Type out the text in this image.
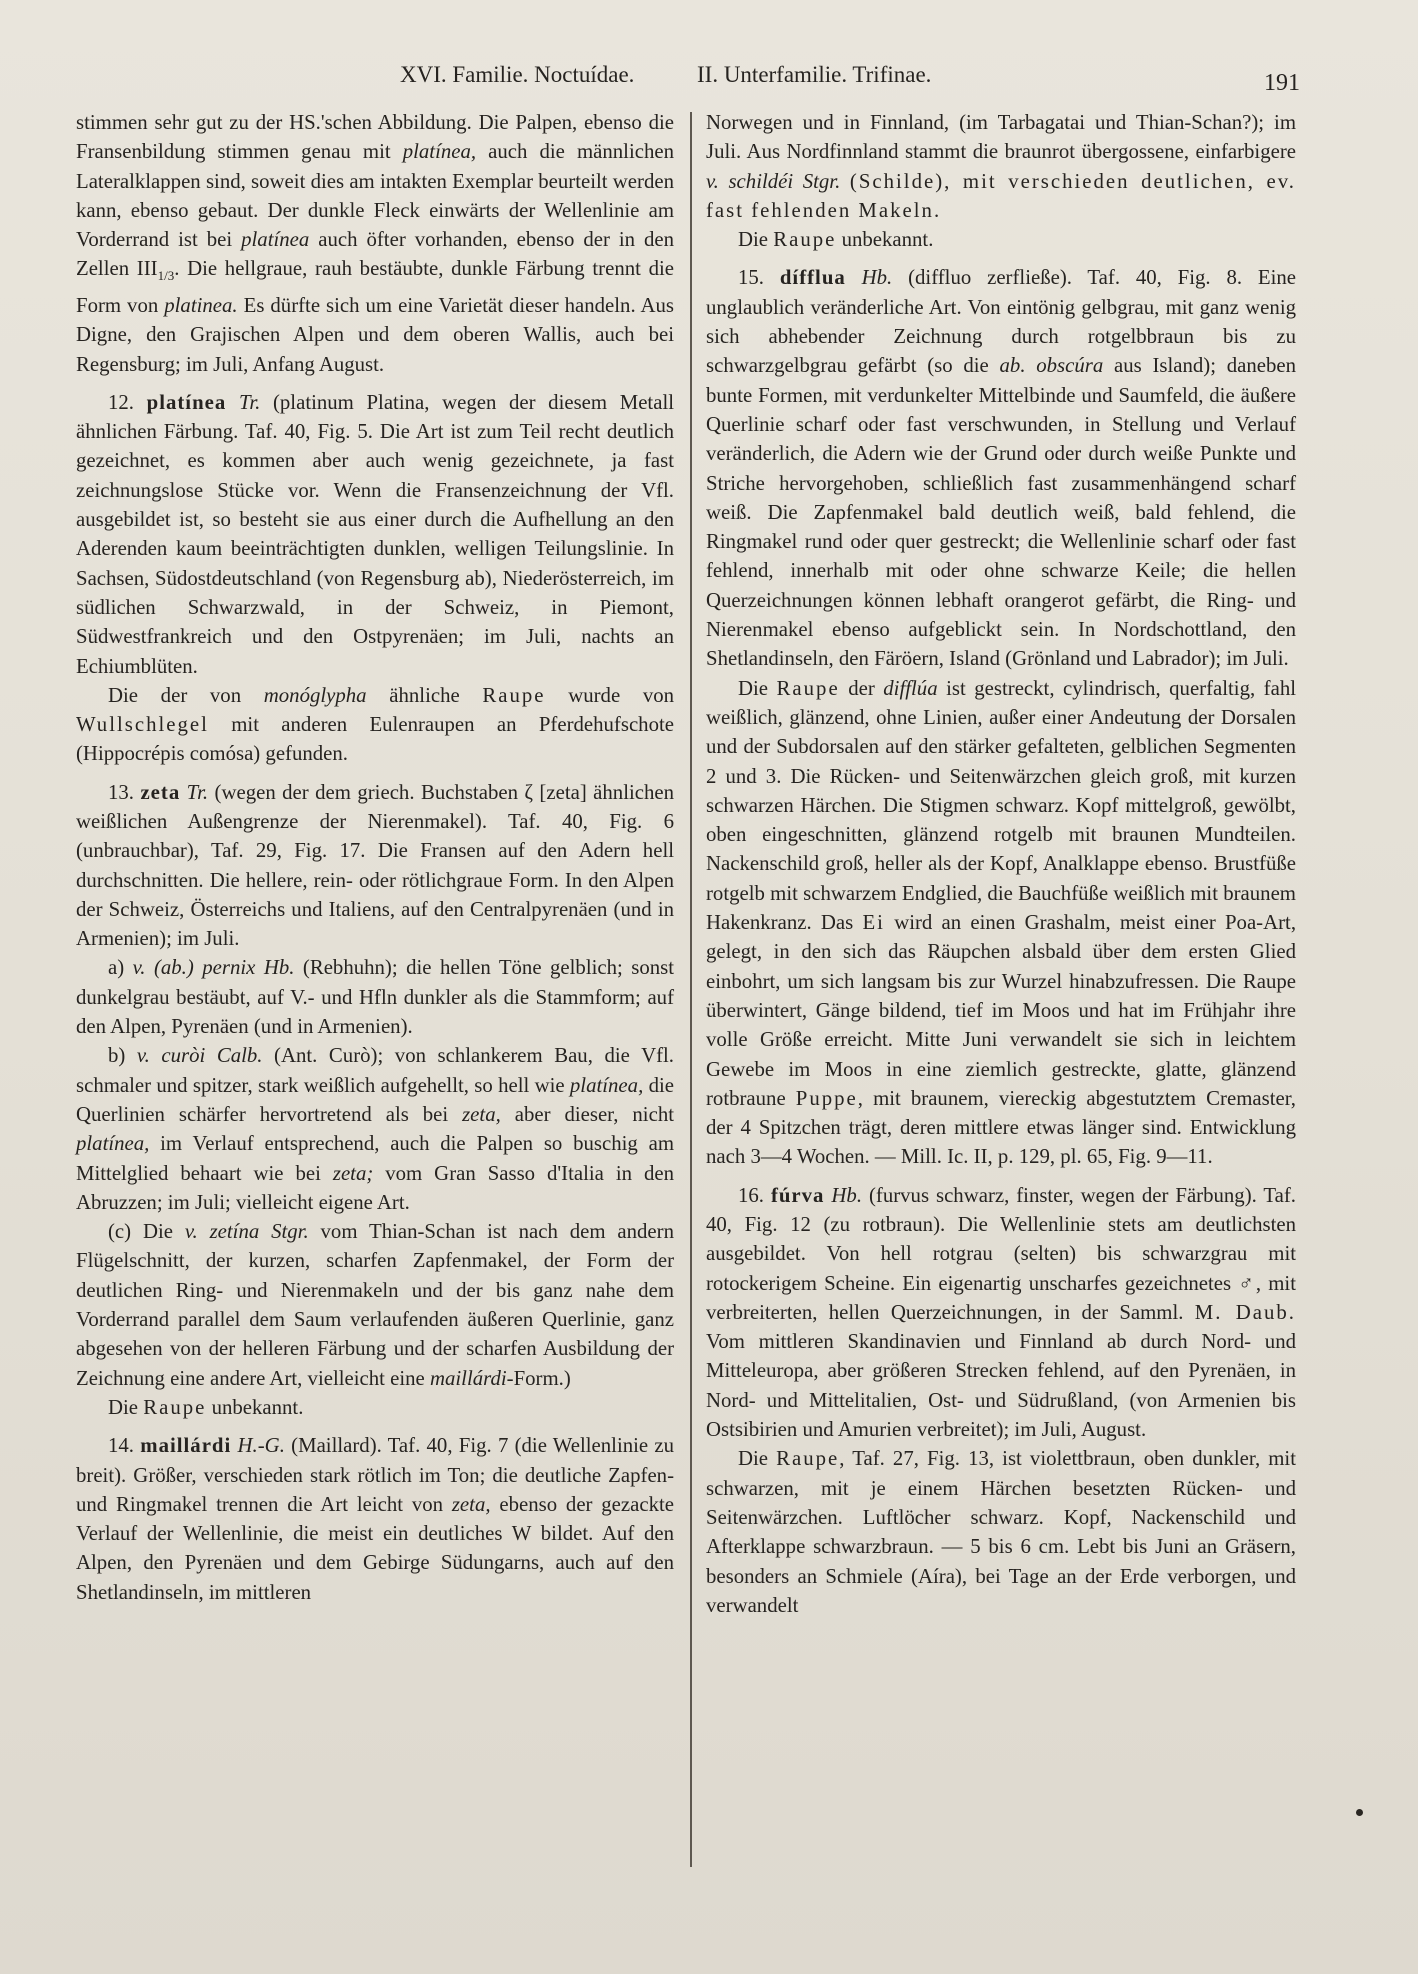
XVI. Familie. Noctuídae.	II. Unterfamilie. Trifinae.	191

stimmen sehr gut zu der HS.'schen Abbildung. Die Palpen, ebenso die Fransenbildung stimmen genau mit platínea, auch die männlichen Lateralklappen sind, soweit dies am intakten Exemplar beurteilt werden kann, ebenso gebaut. Der dunkle Fleck einwärts der Wellenlinie am Vorderrand ist bei platínea auch öfter vorhanden, ebenso der in den Zellen $III_{1/3}$. Die hellgraue, rauh bestäubte, dunkle Färbung trennt die Form von platinea. Es dürfte sich um eine Varietät dieser handeln. Aus Digne, den Grajischen Alpen und dem oberen Wallis, auch bei Regensburg; im Juli, Anfang August.

12. platínea Tr. (platinum Platina, wegen der diesem Metall ähnlichen Färbung. Taf. 40, Fig. 5. Die Art ist zum Teil recht deutlich gezeichnet, es kommen aber auch wenig gezeichnete, ja fast zeichnungslose Stücke vor. Wenn die Fransenzeichnung der Vfl. ausgebildet ist, so besteht sie aus einer durch die Aufhellung an den Aderenden kaum beeinträchtigten dunklen, welligen Teilungslinie. In Sachsen, Südostdeutschland (von Regensburg ab), Niederösterreich, im südlichen Schwarzwald, in der Schweiz, in Piemont, Südwestfrankreich und den Ostpyrenäen; im Juli, nachts an Echiumblüten.

Die der von monóglypha ähnliche Raupe wurde von Wullschlegel mit anderen Eulenraupen an Pferdehufschote (Hippocrépis comósa) gefunden.

13. zeta Tr. (wegen der dem griech. Buchstaben ζ [zeta] ähnlichen weißlichen Außengrenze der Nierenmakel). Taf. 40, Fig. 6 (unbrauchbar), Taf. 29, Fig. 17. Die Fransen auf den Adern hell durchschnitten. Die hellere, rein- oder rötlichgraue Form. In den Alpen der Schweiz, Österreichs und Italiens, auf den Centralpyrenäen (und in Armenien); im Juli.

a) v. (ab.) pernix Hb. (Rebhuhn); die hellen Töne gelblich; sonst dunkelgrau bestäubt, auf V.- und Hfln dunkler als die Stammform; auf den Alpen, Pyrenäen (und in Armenien).

b) v. curòi Calb. (Ant. Curò); von schlankerem Bau, die Vfl. schmaler und spitzer, stark weißlich aufgehellt, so hell wie platínea, die Querlinien schärfer hervortretend als bei zeta, aber dieser, nicht platínea, im Verlauf entsprechend, auch die Palpen so buschig am Mittelglied behaart wie bei zeta; vom Gran Sasso d'Italia in den Abruzzen; im Juli; vielleicht eigene Art.

(c) Die v. zetína Stgr. vom Thian-Schan ist nach dem andern Flügelschnitt, der kurzen, scharfen Zapfenmakel, der Form der deutlichen Ring- und Nierenmakeln und der bis ganz nahe dem Vorderrand parallel dem Saum verlaufenden äußeren Querlinie, ganz abgesehen von der helleren Färbung und der scharfen Ausbildung der Zeichnung eine andere Art, vielleicht eine maillárdi-Form.)

Die Raupe unbekannt.

14. maillárdi H.-G. (Maillard). Taf. 40, Fig. 7 (die Wellenlinie zu breit). Größer, verschieden stark rötlich im Ton; die deutliche Zapfen- und Ringmakel trennen die Art leicht von zeta, ebenso der gezackte Verlauf der Wellenlinie, die meist ein deutliches W bildet. Auf den Alpen, den Pyrenäen und dem Gebirge Südungarns, auch auf den Shetlandinseln, im mittleren

Norwegen und in Finnland, (im Tarbagatai und Thian-Schan?); im Juli. Aus Nordfinnland stammt die braunrot übergossene, einfarbigere v. schildéi Stgr. (Schilde), mit verschieden deutlichen, ev. fast fehlenden Makeln.

Die Raupe unbekannt.

15. dífflua Hb. (diffluo zerfließe). Taf. 40, Fig. 8. Eine unglaublich veränderliche Art. Von eintönig gelbgrau, mit ganz wenig sich abhebender Zeichnung durch rotgelbbraun bis zu schwarzgelbgrau gefärbt (so die ab. obscúra aus Island); daneben bunte Formen, mit verdunkelter Mittelbinde und Saumfeld, die äußere Querlinie scharf oder fast verschwunden, in Stellung und Verlauf veränderlich, die Adern wie der Grund oder durch weiße Punkte und Striche hervorgehoben, schließlich fast zusammenhängend scharf weiß. Die Zapfenmakel bald deutlich weiß, bald fehlend, die Ringmakel rund oder quer gestreckt; die Wellenlinie scharf oder fast fehlend, innerhalb mit oder ohne schwarze Keile; die hellen Querzeichnungen können lebhaft orangerot gefärbt, die Ring- und Nierenmakel ebenso aufgeblickt sein. In Nordschottland, den Shetlandinseln, den Färöern, Island (Grönland und Labrador); im Juli.

Die Raupe der difflúa ist gestreckt, cylindrisch, querfaltig, fahl weißlich, glänzend, ohne Linien, außer einer Andeutung der Dorsalen und der Subdorsalen auf den stärker gefalteten, gelblichen Segmenten 2 und 3. Die Rücken- und Seitenwärzchen gleich groß, mit kurzen schwarzen Härchen. Die Stigmen schwarz. Kopf mittelgroß, gewölbt, oben eingeschnitten, glänzend rotgelb mit braunen Mundteilen. Nackenschild groß, heller als der Kopf, Analklappe ebenso. Brustfüße rotgelb mit schwarzem Endglied, die Bauchfüße weißlich mit braunem Hakenkranz. Das Ei wird an einen Grashalm, meist einer Poa-Art, gelegt, in den sich das Räupchen alsbald über dem ersten Glied einbohrt, um sich langsam bis zur Wurzel hinabzufressen. Die Raupe überwintert, Gänge bildend, tief im Moos und hat im Frühjahr ihre volle Größe erreicht. Mitte Juni verwandelt sie sich in leichtem Gewebe im Moos in eine ziemlich gestreckte, glatte, glänzend rotbraune Puppe, mit braunem, viereckig abgestutztem Cremaster, der 4 Spitzchen trägt, deren mittlere etwas länger sind. Entwicklung nach 3—4 Wochen. — Mill. Ic. II, p. 129, pl. 65, Fig. 9—11.

16. fúrva Hb. (furvus schwarz, finster, wegen der Färbung). Taf. 40, Fig. 12 (zu rotbraun). Die Wellenlinie stets am deutlichsten ausgebildet. Von hell rotgrau (selten) bis schwarzgrau mit rotockerigem Scheine. Ein eigenartig unscharfes gezeichnetes ♂, mit verbreiterten, hellen Querzeichnungen, in der Samml. M. Daub. Vom mittleren Skandinavien und Finnland ab durch Nord- und Mitteleuropa, aber größeren Strecken fehlend, auf den Pyrenäen, in Nord- und Mittelitalien, Ost- und Südrußland, (von Armenien bis Ostsibirien und Amurien verbreitet); im Juli, August.

Die Raupe, Taf. 27, Fig. 13, ist violettbraun, oben dunkler, mit schwarzen, mit je einem Härchen besetzten Rücken- und Seitenwärzchen. Luftlöcher schwarz. Kopf, Nackenschild und Afterklappe schwarzbraun. — 5 bis 6 cm. Lebt bis Juni an Gräsern, besonders an Schmiele (Aíra), bei Tage an der Erde verborgen, und verwandelt
